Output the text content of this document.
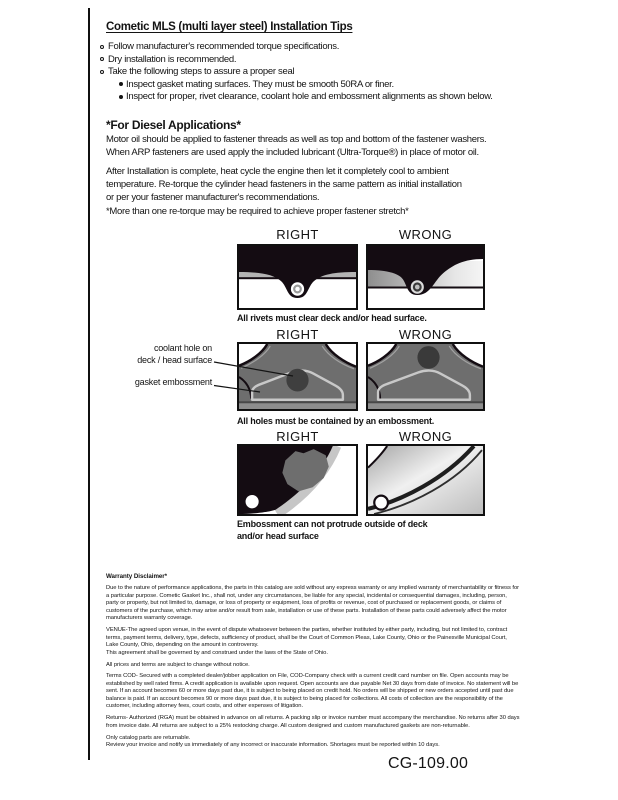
Cometic MLS (multi layer steel) Installation Tips
Follow manufacturer's recommended torque specifications.
Dry installation is recommended.
Take the following steps to assure a proper seal
Inspect gasket mating surfaces. They must be smooth 50RA or finer.
Inspect for proper, rivet clearance, coolant hole and embossment alignments as shown below.
*For Diesel Applications*

Motor oil should be applied to fastener threads as well as top and bottom of the fastener washers.
When ARP fasteners are used apply the included lubricant (Ultra-Torque®) in place of motor oil.

After Installation is complete, heat cycle the engine then let it completely cool to ambient
temperature. Re-torque the cylinder head fasteners in the same pattern as initial installation
or per your fastener manufacturer's recommendations.

*More than one re-torque may be required to achieve proper fastener stretch*

RIGHT	WRONG
All rivets must clear deck and/or head surface.
RIGHT	WRONG
All holes must be contained by an embossment.
coolant hole on
deck / head surface
gasket embossment
RIGHT	WRONG
Embossment can not protrude outside of deck
and/or head surface
Warranty Disclaimer*

Due to the nature of performance applications, the parts in this catalog are sold without any express warranty or any implied warranty of merchantability or fitness for a particular purpose. Cometic Gasket Inc., shall not, under any circumstances, be liable for any special, incidental or consequential damages, including, person, party or property, but not limited to, damage, or loss of property or equipment, loss of profits or revenue, cost of purchased or replacement goods, or claims of customers of the purchase, which may arise and/or result from sale, installation or use of these parts. Installation of these parts could adversely affect the motor manufacturers warranty coverage.

VENUE-The agreed upon venue, in the event of dispute whatsoever between the parties, whether instituted by either party, including, but not limited to, contract terms, payment terms, delivery, type, defects, sufficiency of product, shall be the Court of Common Pleas, Lake County, Ohio or the Painesville Municipal Court, Lake County, Ohio, depending on the amount in controversy.
This agreement shall be governed by and construed under the laws of the State of Ohio.

All prices and terms are subject to change without notice.

Terms COD- Secured with a completed dealer/jobber application on File, COD-Company check with a current credit card number on file. Open accounts may be established by well rated firms. A credit application is available upon request. Open accounts are due payable Net 30 days from date of invoice. No statement will be sent. If an account becomes 60 or more days past due, it is subject to being placed on credit hold. No orders will be shipped or new orders accepted until past due balance is paid. If an account becomes 90 or more days past due, it is subject to being placed for collections. All costs of collection are the responsibility of the customer, including attorney fees, court costs, and other expenses of litigation.

Returns- Authorized (RGA) must be obtained in advance on all returns. A packing slip or invoice number must accompany the merchandise. No returns after 30 days from invoice date. All returns are subject to a 25% restocking charge. All custom designed and custom manufactured gaskets are non-returnable.

Only catalog parts are returnable.
Review your invoice and notify us immediately of any incorrect or inaccurate information. Shortages must be reported within 10 days.

CG-109.00
